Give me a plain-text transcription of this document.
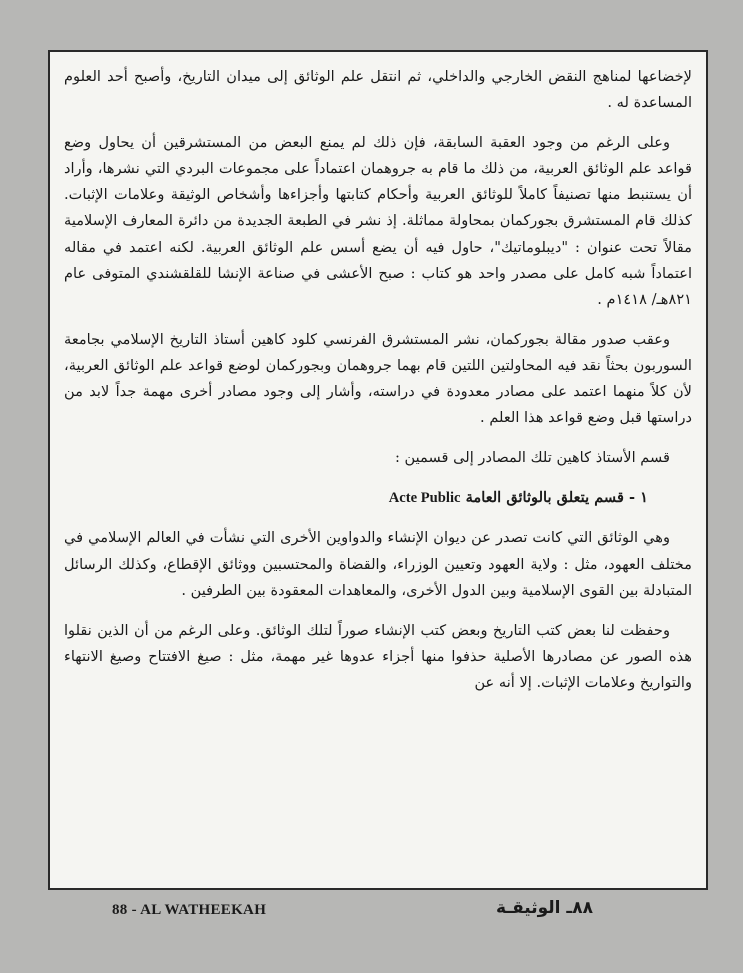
لإخضاعها لمناهج النقض الخارجي والداخلي، ثم انتقل علم الوثائق إلى ميدان التاريخ، وأصبح أحد العلوم المساعدة له .

وعلى الرغم من وجود العقبة السابقة، فإن ذلك لم يمنع البعض من المستشرقين أن يحاول وضع قواعد علم الوثائق العربية، من ذلك ما قام به جروهمان اعتماداً على مجموعات البردي التي نشرها، وأراد أن يستنبط منها تصنيفاً كاملاً للوثائق العربية وأحكام كتابتها وأجزاءها وأشخاص الوثيقة وعلامات الإثبات. كذلك قام المستشرق بجوركمان بمحاولة مماثلة. إذ نشر في الطبعة الجديدة من دائرة المعارف الإسلامية مقالاً تحت عنوان : "ديبلوماتيك"، حاول فيه أن يضع أسس علم الوثائق العربية. لكنه اعتمد في مقاله اعتماداً شبه كامل على مصدر واحد هو كتاب : صبح الأعشى في صناعة الإنشا للقلقشندي المتوفى عام ٨٢١هـ/ ١٤١٨م .

وعقب صدور مقالة بجوركمان، نشر المستشرق الفرنسي كلود كاهين أستاذ التاريخ الإسلامي بجامعة السوربون بحثاً نقد فيه المحاولتين اللتين قام بهما جروهمان وبجوركمان لوضع قواعد علم الوثائق العربية، لأن كلاً منهما اعتمد على مصادر معدودة في دراسته، وأشار إلى وجود مصادر أخرى مهمة جداً لابد من دراستها قبل وضع قواعد هذا العلم .

قسم الأستاذ كاهين تلك المصادر إلى قسمين :

١ - قسم يتعلق بالوثائق العامة Acte Public

وهي الوثائق التي كانت تصدر عن ديوان الإنشاء والدواوين الأخرى التي نشأت في العالم الإسلامي في مختلف العهود، مثل : ولاية العهود وتعيين الوزراء، والقضاة والمحتسبين ووثائق الإقطاع، وكذلك الرسائل المتبادلة بين القوى الإسلامية وبين الدول الأخرى، والمعاهدات المعقودة بين الطرفين .

وحفظت لنا بعض كتب التاريخ وبعض كتب الإنشاء صوراً لتلك الوثائق. وعلى الرغم من أن الذين نقلوا هذه الصور عن مصادرها الأصلية حذفوا منها أجزاء عدوها غير مهمة، مثل : صيغ الافتتاح وصيغ الانتهاء والتواريخ وعلامات الإثبات. إلا أنه عن

88 - AL WATHEEKAH	٨٨ـ الوثيقـة
